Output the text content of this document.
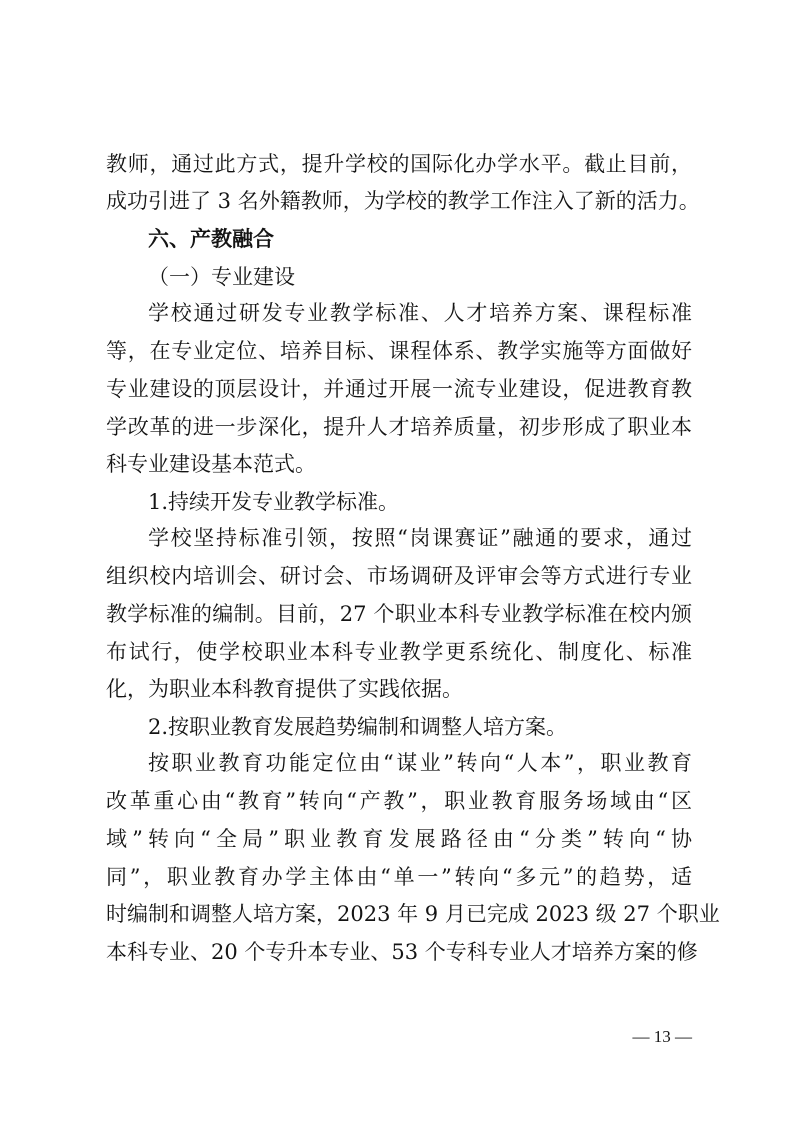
教师，通过此方式，提升学校的国际化办学水平。截止目前，

成功引进了 3 名外籍教师，为学校的教学工作注入了新的活力。

六、产教融合

（一）专业建设

学校通过研发专业教学标准、人才培养方案、课程标准

等，在专业定位、培养目标、课程体系、教学实施等方面做好

专业建设的顶层设计，并通过开展一流专业建设，促进教育教

学改革的进一步深化，提升人才培养质量，初步形成了职业本

科专业建设基本范式。

1.持续开发专业教学标准。

学校坚持标准引领，按照“岗课赛证”融通的要求，通过

组织校内培训会、研讨会、市场调研及评审会等方式进行专业

教学标准的编制。目前，27 个职业本科专业教学标准在校内颁

布试行，使学校职业本科专业教学更系统化、制度化、标准

化，为职业本科教育提供了实践依据。

2.按职业教育发展趋势编制和调整人培方案。

按职业教育功能定位由“谋业”转向“人本”，职业教育

改革重心由“教育”转向“产教”，职业教育服务场域由“区

域”转向“全局”职业教育发展路径由“分类”转向“协

同”，职业教育办学主体由“单一”转向“多元”的趋势，适

时编制和调整人培方案，2023 年 9 月已完成 2023 级 27 个职业

本科专业、20 个专升本专业、53 个专科专业人才培养方案的修

— 13 —
